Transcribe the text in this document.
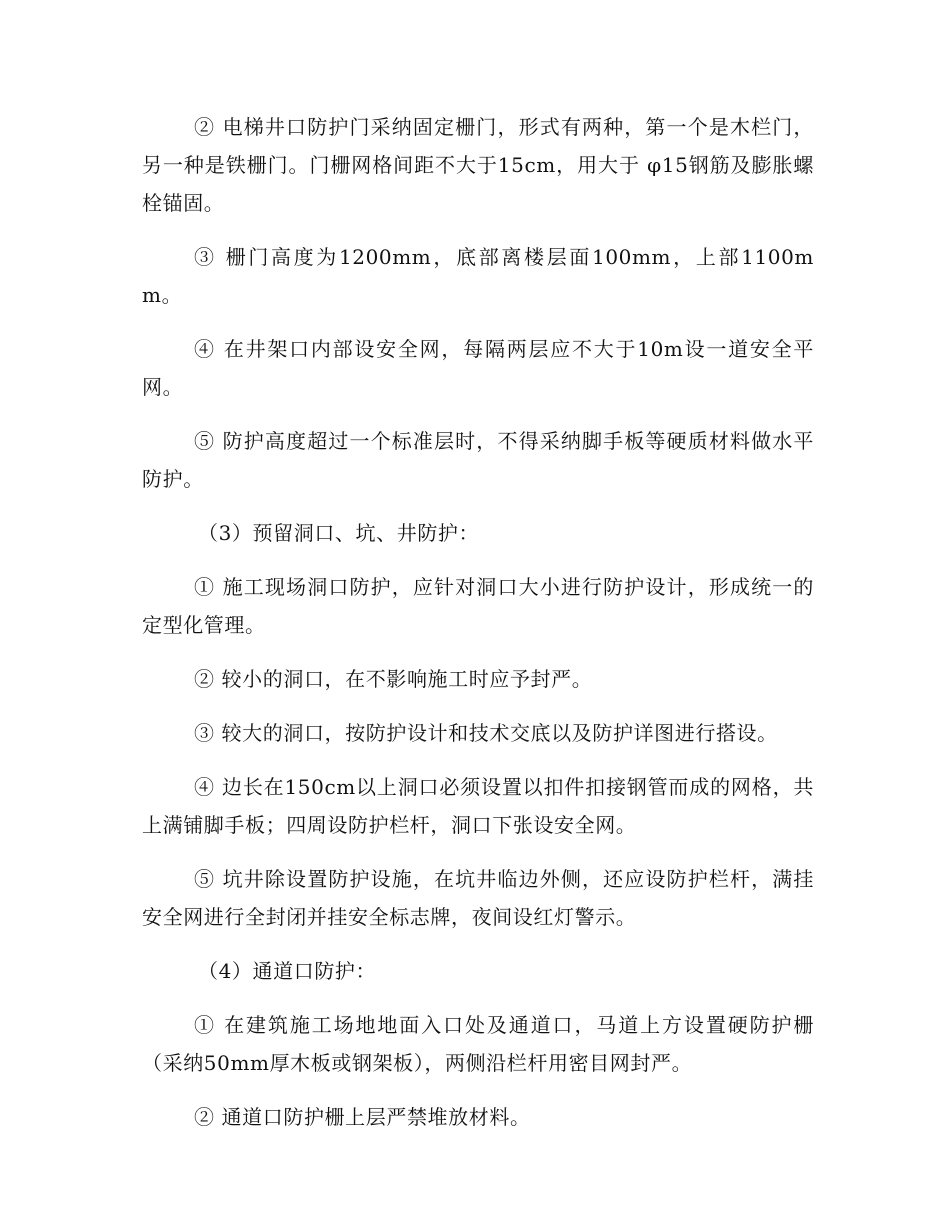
② 电梯井口防护门采纳固定栅门，形式有两种，第一个是木栏门，另一种是铁栅门。门栅网格间距不大于15cm，用大于 φ15钢筋及膨胀螺栓锚固。

③ 栅门高度为1200mm，底部离楼层面100mm，上部1100mm。

④ 在井架口内部设安全网，每隔两层应不大于10m设一道安全平网。

⑤ 防护高度超过一个标准层时，不得采纳脚手板等硬质材料做水平防护。

（3）预留洞口、坑、井防护：

① 施工现场洞口防护，应针对洞口大小进行防护设计，形成统一的定型化管理。

② 较小的洞口，在不影响施工时应予封严。

③ 较大的洞口，按防护设计和技术交底以及防护详图进行搭设。

④ 边长在150cm以上洞口必须设置以扣件扣接钢管而成的网格，共上满铺脚手板；四周设防护栏杆，洞口下张设安全网。

⑤ 坑井除设置防护设施，在坑井临边外侧，还应设防护栏杆，满挂安全网进行全封闭并挂安全标志牌，夜间设红灯警示。

（4）通道口防护：

① 在建筑施工场地地面入口处及通道口，马道上方设置硬防护栅（采纳50mm厚木板或钢架板），两侧沿栏杆用密目网封严。

② 通道口防护栅上层严禁堆放材料。
